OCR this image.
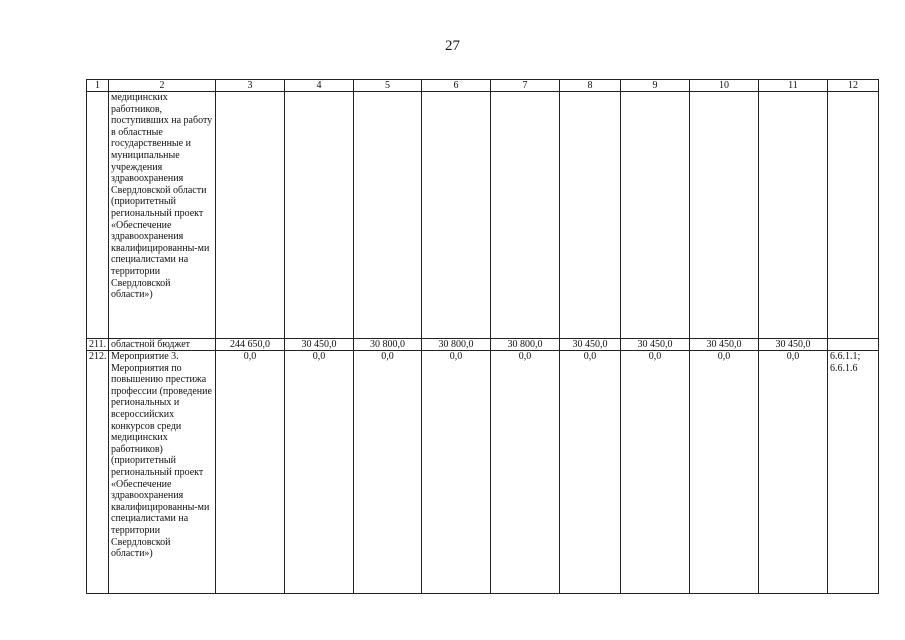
27
1	2	3	4	5	6	7	8	9	10	11	12
	медицинских работников, поступивших на работу в областные государственные и муниципальные учреждения здравоохранения Свердловской области (приоритетный региональный проект «Обеспечение здравоохранения квалифицированны-ми специалистами на территории Свердловской области»)										
211.	областной бюджет	244 650,0	30 450,0	30 800,0	30 800,0	30 800,0	30 450,0	30 450,0	30 450,0	30 450,0	
212.	Мероприятие 3. Мероприятия по повышению престижа профессии (проведение региональных и всероссийских конкурсов среди медицинских работников) (приоритетный региональный проект «Обеспечение здравоохранения квалифицированны-ми специалистами на территории Свердловской области»)	0,0	0,0	0,0	0,0	0,0	0,0	0,0	0,0	0,0	6.6.1.1; 6.6.1.6
